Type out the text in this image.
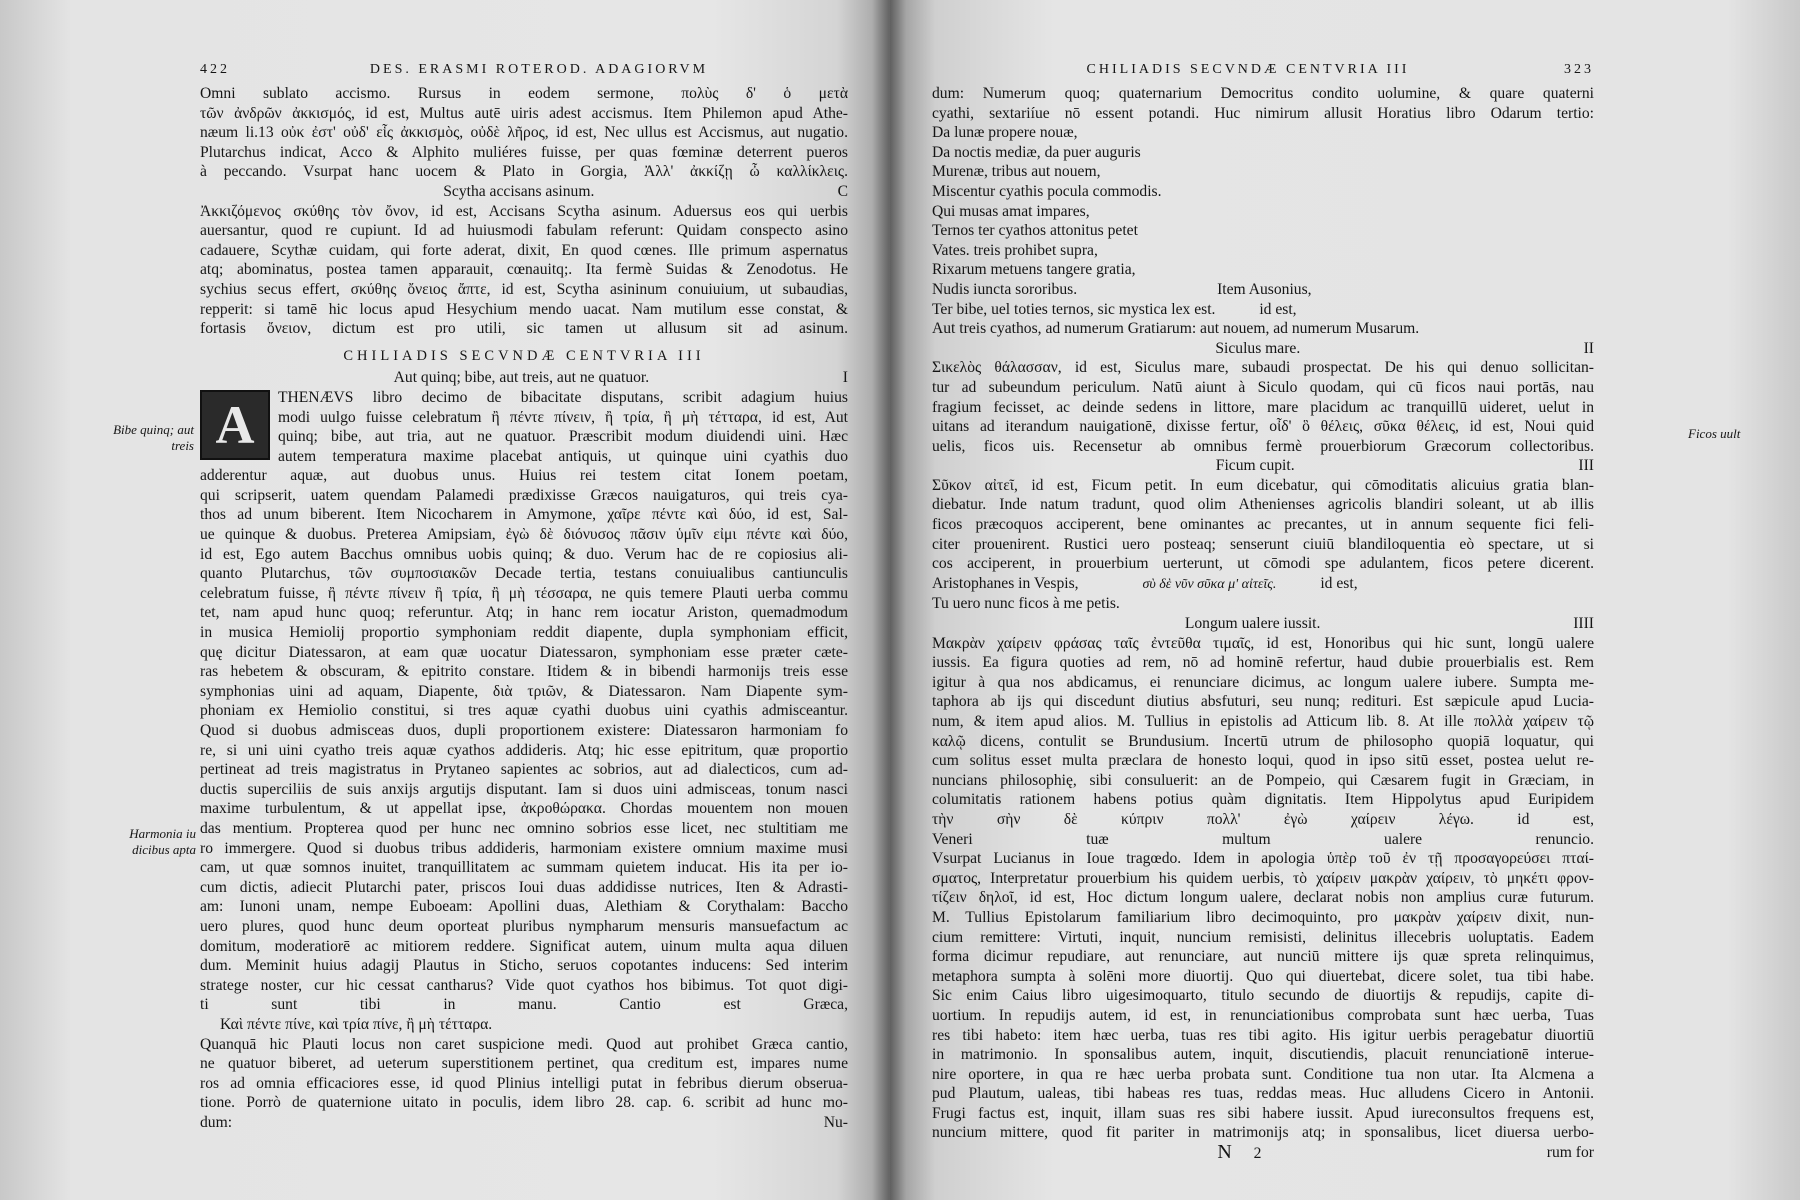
422	DES. ERASMI ROTEROD. ADAGIORVM
Omni sublato accismo. Rursus in eodem sermone, πολὺς δ' ὁ μετὰ
τῶν ἀνδρῶν ἀκκισμός, id est, Multus autē uiris adest accismus. Item Philemon apud Athe-
næum li.13 οὐκ ἐστ' οὐδ' εἷς ἀκκισμὸς, οὐδὲ λῆρος, id est, Nec ullus est Accismus, aut nugatio.
Plutarchus indicat, Acco & Alphito muliéres fuisse, per quas fœminæ deterrent pueros
à peccando. Vsurpat hanc uocem & Plato in Gorgia, Ἀλλ' ἀκκίζῃ ὦ καλλίκλεις.
Scytha accisans asinum.	C
Ἀκκιζόμενος σκύθης τὸν ὄνον, id est, Accisans Scytha asinum. Aduersus eos qui uerbis
auersantur, quod re cupiunt. Id ad huiusmodi fabulam referunt: Quidam conspecto asino
cadauere, Scythæ cuidam, qui forte aderat, dixit, En quod cœnes. Ille primum aspernatus
atq; abominatus, postea tamen apparauit, cœnauitq;. Ita fermè Suidas & Zenodotus. He
sychius secus effert, σκύθης ὄνειος ἄπτε, id est, Scytha asininum conuiuium, ut subaudias,
repperit: si tamē hic locus apud Hesychium mendo uacat. Nam mutilum esse constat, &
fortasis ὄνειον, dictum est pro utili, sic tamen ut allusum sit ad asinum.
CHILIADIS SECVNDÆ CENTVRIA III
Aut quinq; bibe, aut treis, aut ne quatuor.	I
A	THENÆVS libro decimo de bibacitate disputans, scribit adagium huius
modi uulgo fuisse celebratum ἢ πέντε πίνειν, ἢ τρία, ἢ μὴ τέτταρα, id est, Aut
quinq; bibe, aut tria, aut ne quatuor. Præscribit modum diuidendi uini. Hæc
autem temperatura maxime placebat antiquis, ut quinque uini cyathis duo
adderentur aquæ, aut duobus unus. Huius rei testem citat Ionem poetam,
qui scripserit, uatem quendam Palamedi prædixisse Græcos nauigaturos, qui treis cya-
thos ad unum biberent. Item Nicocharem in Amymone, χαῖρε πέντε καὶ δύο, id est, Sal-
ue quinque & duobus. Preterea Amipsiam, ἐγὼ δὲ διόνυσος πᾶσιν ὑμῖν εἰμι πέντε καὶ δύο,
id est, Ego autem Bacchus omnibus uobis quinq; & duo. Verum hac de re copiosius ali-
quanto Plutarchus, τῶν συμποσιακῶν Decade tertia, testans conuiualibus cantiunculis
celebratum fuisse, ἢ πέντε πίνειν ἢ τρία, ἢ μὴ τέσσαρα, ne quis temere Plauti uerba commu
tet, nam apud hunc quoq; referuntur. Atq; in hanc rem iocatur Ariston, quemadmodum
in musica Hemiolij proportio symphoniam reddit diapente, dupla symphoniam efficit,
quę dicitur Diatessaron, at eam quæ uocatur Diatessaron, symphoniam esse præter cæte-
ras hebetem & obscuram, & epitrito constare. Itidem & in bibendi harmonijs treis esse
symphonias uini ad aquam, Diapente, διὰ τριῶν, & Diatessaron. Nam Diapente sym-
phoniam ex Hemiolio constitui, si tres aquæ cyathi duobus uini cyathis admisceantur.
Quod si duobus admisceas duos, dupli proportionem existere: Diatessaron harmoniam fo
re, si uni uini cyatho treis aquæ cyathos addideris. Atq; hic esse epitritum, quæ proportio
pertineat ad treis magistratus in Prytaneo sapientes ac sobrios, aut ad dialecticos, cum ad-
ductis superciliis de suis anxijs argutijs disputant. Iam si duos uini admisceas, tonum nasci
maxime turbulentum, & ut appellat ipse, ἀκροθώρακα. Chordas mouentem non mouen
das mentium. Propterea quod per hunc nec omnino sobrios esse licet, nec stultitiam me
ro immergere. Quod si duobus tribus addideris, harmoniam existere omnium maxime musi
cam, ut quæ somnos inuitet, tranquillitatem ac summam quietem inducat. His ita per io-
cum dictis, adiecit Plutarchi pater, priscos Ioui duas addidisse nutrices, Iten & Adrasti-
am: Iunoni unam, nempe Euboeam: Apollini duas, Alethiam & Corythalam: Baccho
uero plures, quod hunc deum oporteat pluribus nympharum mensuris mansuefactum ac
domitum, moderatiorē ac mitiorem reddere. Significat autem, uinum multa aqua diluen
dum. Meminit huius adagij Plautus in Sticho, seruos copotantes inducens: Sed interim
stratege noster, cur hic cessat cantharus? Vide quot cyathos hos bibimus. Tot quot digi-
ti sunt tibi in manu. Cantio est Græca,
Καὶ πέντε πίνε, καὶ τρία πίνε, ἢ μὴ τέτταρα.
Quanquā hic Plauti locus non caret suspicione medi. Quod aut prohibet Græca cantio,
ne quatuor biberet, ad ueterum superstitionem pertinet, qua creditum est, impares nume
ros ad omnia efficaciores esse, id quod Plinius intelligi putat in febribus dierum obserua-
tione. Porrò de quaternione uitato in poculis, idem libro 28. cap. 6. scribit ad hunc mo-
dum: Nu-
Bibe quinq; aut treis
Harmonia iu dicibus apta
CHILIADIS SECVNDÆ CENTVRIA III	323
dum: Numerum quoq; quaternarium Democritus condito uolumine, & quare quaterni
cyathi, sextariíue nō essent potandi. Huc nimirum allusit Horatius libro Odarum tertio:
Da lunæ propere nouæ,
Da noctis mediæ, da puer auguris
Murenæ, tribus aut nouem,
Miscentur cyathis pocula commodis.
Qui musas amat impares,
Ternos ter cyathos attonitus petet
Vates. treis prohibet supra,
Rixarum metuens tangere gratia,
Nudis iuncta sororibus.	Item Ausonius,
Ter bibe, uel toties ternos, sic mystica lex est.	id est,
Aut treis cyathos, ad numerum Gratiarum: aut nouem, ad numerum Musarum.
Siculus mare.	II
Σικελὸς θάλασσαν, id est, Siculus mare, subaudi prospectat. De his qui denuo sollicitan-
tur ad subeundum periculum. Natū aiunt à Siculo quodam, qui cū ficos naui portās, nau
fragium fecisset, ac deinde sedens in littore, mare placidum ac tranquillū uideret, uelut in
uitans ad iterandum nauigationē, dixisse fertur, οἶδ' ὃ θέλεις, σῦκα θέλεις, id est, Noui quid
uelis, ficos uis. Recensetur ab omnibus fermè prouerbiorum Græcorum collectoribus.
Ficum cupit.	III
Σῦκον αἰτεῖ, id est, Ficum petit. In eum dicebatur, qui cōmoditatis alicuius gratia blan-
diebatur. Inde natum tradunt, quod olim Athenienses agricolis blandiri soleant, ut ab illis
ficos præcoquos acciperent, bene ominantes ac precantes, ut in annum sequente fici feli-
citer prouenirent. Rustici uero posteaq; senserunt ciuiū blandiloquentia eò spectare, ut si
cos acciperent, in prouerbium uerterunt, ut cōmodi spe adulantem, ficos petere dicerent.
Aristophanes in Vespis,	σὺ δὲ νῦν σῦκα μ' αἰτεῖς.	id est,
Tu uero nunc ficos à me petis.
Longum ualere iussit.	IIII
Μακρὰν χαίρειν φράσας ταῖς ἐντεῦθα τιμαῖς, id est, Honoribus qui hic sunt, longū ualere
iussis. Ea figura quoties ad rem, nō ad hominē refertur, haud dubie prouerbialis est. Rem
igitur à qua nos abdicamus, ei renunciare dicimus, ac longum ualere iubere. Sumpta me-
taphora ab ijs qui discedunt diutius absfuturi, seu nunq; redituri. Est sæpicule apud Lucia-
num, & item apud alios. M. Tullius in epistolis ad Atticum lib. 8. At ille πολλὰ χαίρειν τῷ
καλῷ dicens, contulit se Brundusium. Incertū utrum de philosopho quopiā loquatur, qui
cum solitus esset multa præclara de honesto loqui, quod in ipso sitū esset, postea uelut re-
nuncians philosophię, sibi consuluerit: an de Pompeio, qui Cæsarem fugit in Græciam, in
columitatis rationem habens potius quàm dignitatis. Item Hippolytus apud Euripidem
τὴν σὴν δὲ κύπριν πολλ' ἐγὼ χαίρειν λέγω. id est,
Veneri tuæ multum ualere renuncio.
Vsurpat Lucianus in Ioue tragœdo. Idem in apologia ὑπὲρ τοῦ ἐν τῇ προσαγορεύσει πταί-
σματος, Interpretatur prouerbium his quidem uerbis, τὸ χαίρειν μακρὰν χαίρειν, τὸ μηκέτι φρον-
τίζειν δηλοῖ, id est, Hoc dictum longum ualere, declarat nobis non amplius curæ futurum.
M. Tullius Epistolarum familiarium libro decimoquinto, pro μακρὰν χαίρειν dixit, nun-
cium remittere: Virtuti, inquit, nuncium remisisti, delinitus illecebris uoluptatis. Eadem
forma dicimur repudiare, aut renunciare, aut nunciū mittere ijs quæ spreta relinquimus,
metaphora sumpta à solēni more diuortij. Quo qui diuertebat, dicere solet, tua tibi habe.
Sic enim Caius libro uigesimoquarto, titulo secundo de diuortijs & repudijs, capite di-
uortium. In repudijs autem, id est, in renunciationibus comprobata sunt hæc uerba, Tuas
res tibi habeto: item hæc uerba, tuas res tibi agito. His igitur uerbis peragebatur diuortiū
in matrimonio. In sponsalibus autem, inquit, discutiendis, placuit renunciationē interue-
nire oportere, in qua re hæc uerba probata sunt. Conditione tua non utar. Ita Alcmena a
pud Plautum, ualeas, tibi habeas res tuas, reddas meas. Huc alludens Cicero in Antonii.
Frugi factus est, inquit, illam suas res sibi habere iussit. Apud iureconsultos frequens est,
nuncium mittere, quod fit pariter in matrimonijs atq; in sponsalibus, licet diuersa uerbo-
N 2	rum for
Ficos uult
